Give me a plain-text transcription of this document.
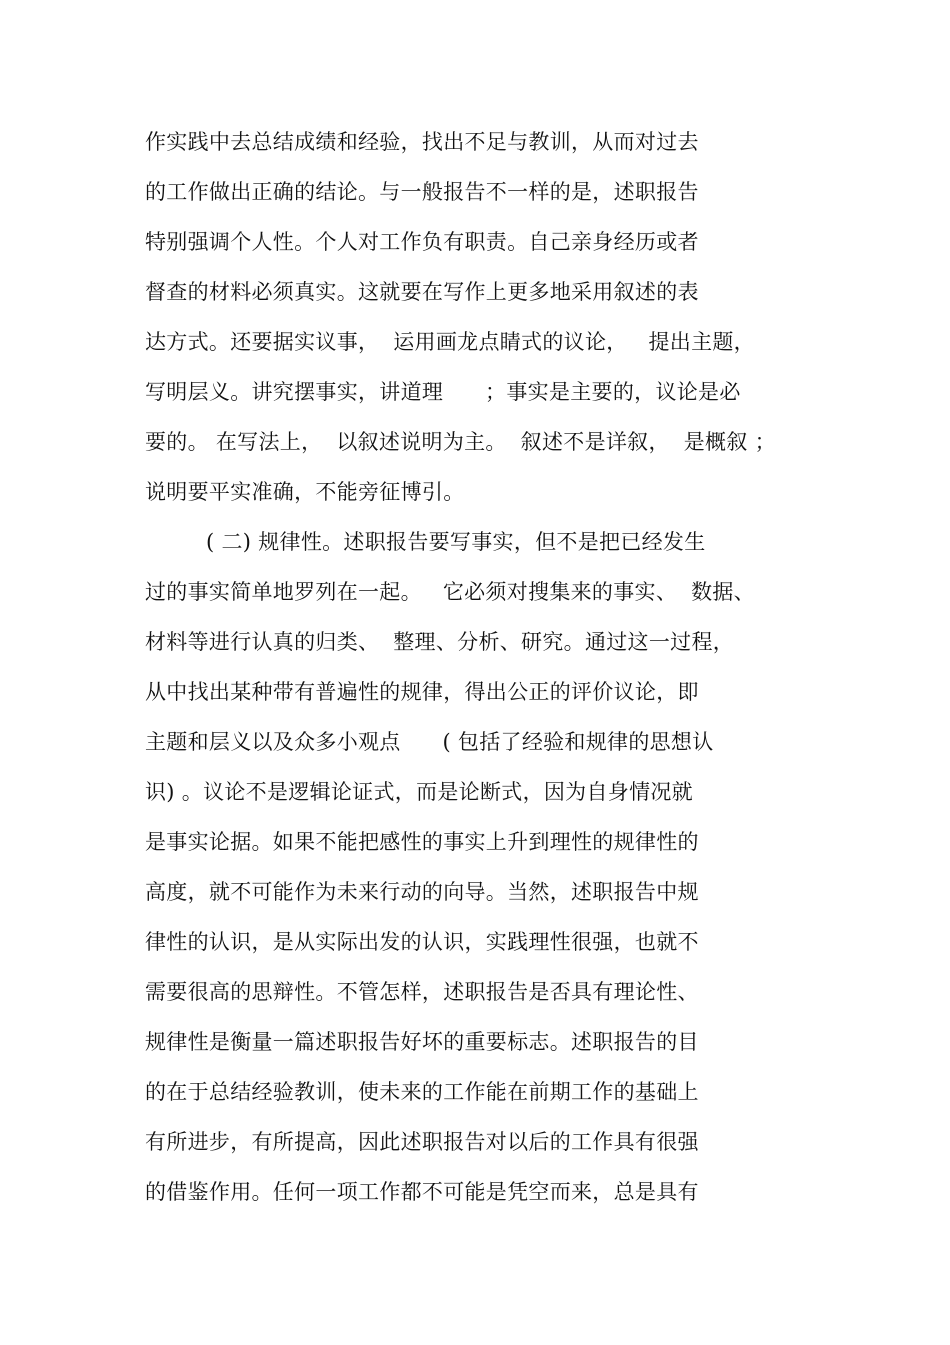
作实践中去总结成绩和经验，找出不足与教训，从而对过去
的工作做出正确的结论。与一般报告不一样的是，述职报告
特别强调个人性。个人对工作负有职责。自己亲身经历或者
督查的材料必须真实。这就要在写作上更多地采用叙述的表
达方式。还要据实议事，  运用画龙点睛式的议论，   提出主题，
写明层义。讲究摆事实，讲道理      ；事实是主要的，议论是必
要的。 在写法上，  以叙述说明为主。  叙述不是详叙，  是概叙 ；
说明要平实准确，不能旁征博引。
( 二) 规律性。述职报告要写事实，但不是把已经发生
过的事实简单地罗列在一起。   它必须对搜集来的事实、  数据、
材料等进行认真的归类、  整理、分析、研究。通过这一过程，
从中找出某种带有普遍性的规律，得出公正的评价议论，即
主题和层义以及众多小观点      ( 包括了经验和规律的思想认
识) 。议论不是逻辑论证式，而是论断式，因为自身情况就
是事实论据。如果不能把感性的事实上升到理性的规律性的
高度，就不可能作为未来行动的向导。当然，述职报告中规
律性的认识，是从实际出发的认识，实践理性很强，也就不
需要很高的思辩性。不管怎样，述职报告是否具有理论性、
规律性是衡量一篇述职报告好坏的重要标志。述职报告的目
的在于总结经验教训，使未来的工作能在前期工作的基础上
有所进步，有所提高，因此述职报告对以后的工作具有很强
的借鉴作用。任何一项工作都不可能是凭空而来，总是具有
